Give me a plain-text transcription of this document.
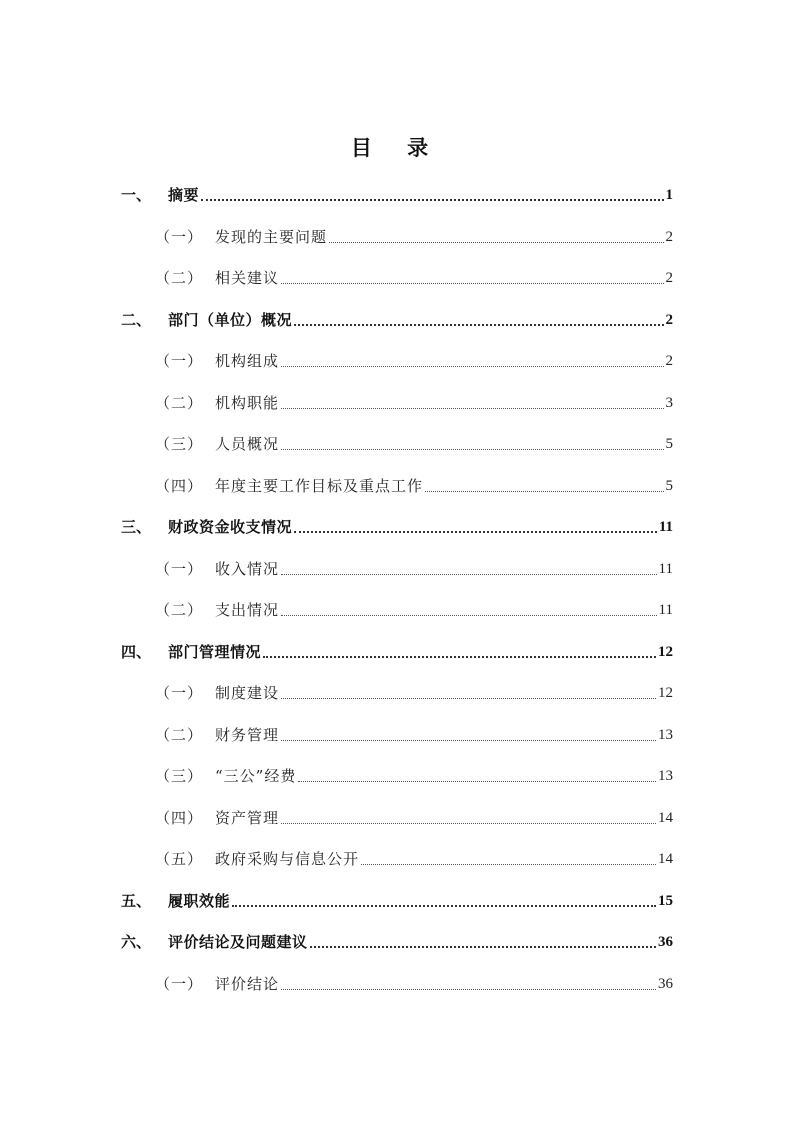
目 录
一、	摘要	1
（一） 发现的主要问题	2
（二） 相关建议	2
二、	部门（单位）概况	2
（一） 机构组成	2
（二） 机构职能	3
（三） 人员概况	5
（四） 年度主要工作目标及重点工作	5
三、	财政资金收支情况	11
（一） 收入情况	11
（二） 支出情况	11
四、	部门管理情况	12
（一） 制度建设	12
（二） 财务管理	13
（三） “三公”经费	13
（四） 资产管理	14
（五） 政府采购与信息公开	14
五、	履职效能	15
六、	评价结论及问题建议	36
（一） 评价结论	36
